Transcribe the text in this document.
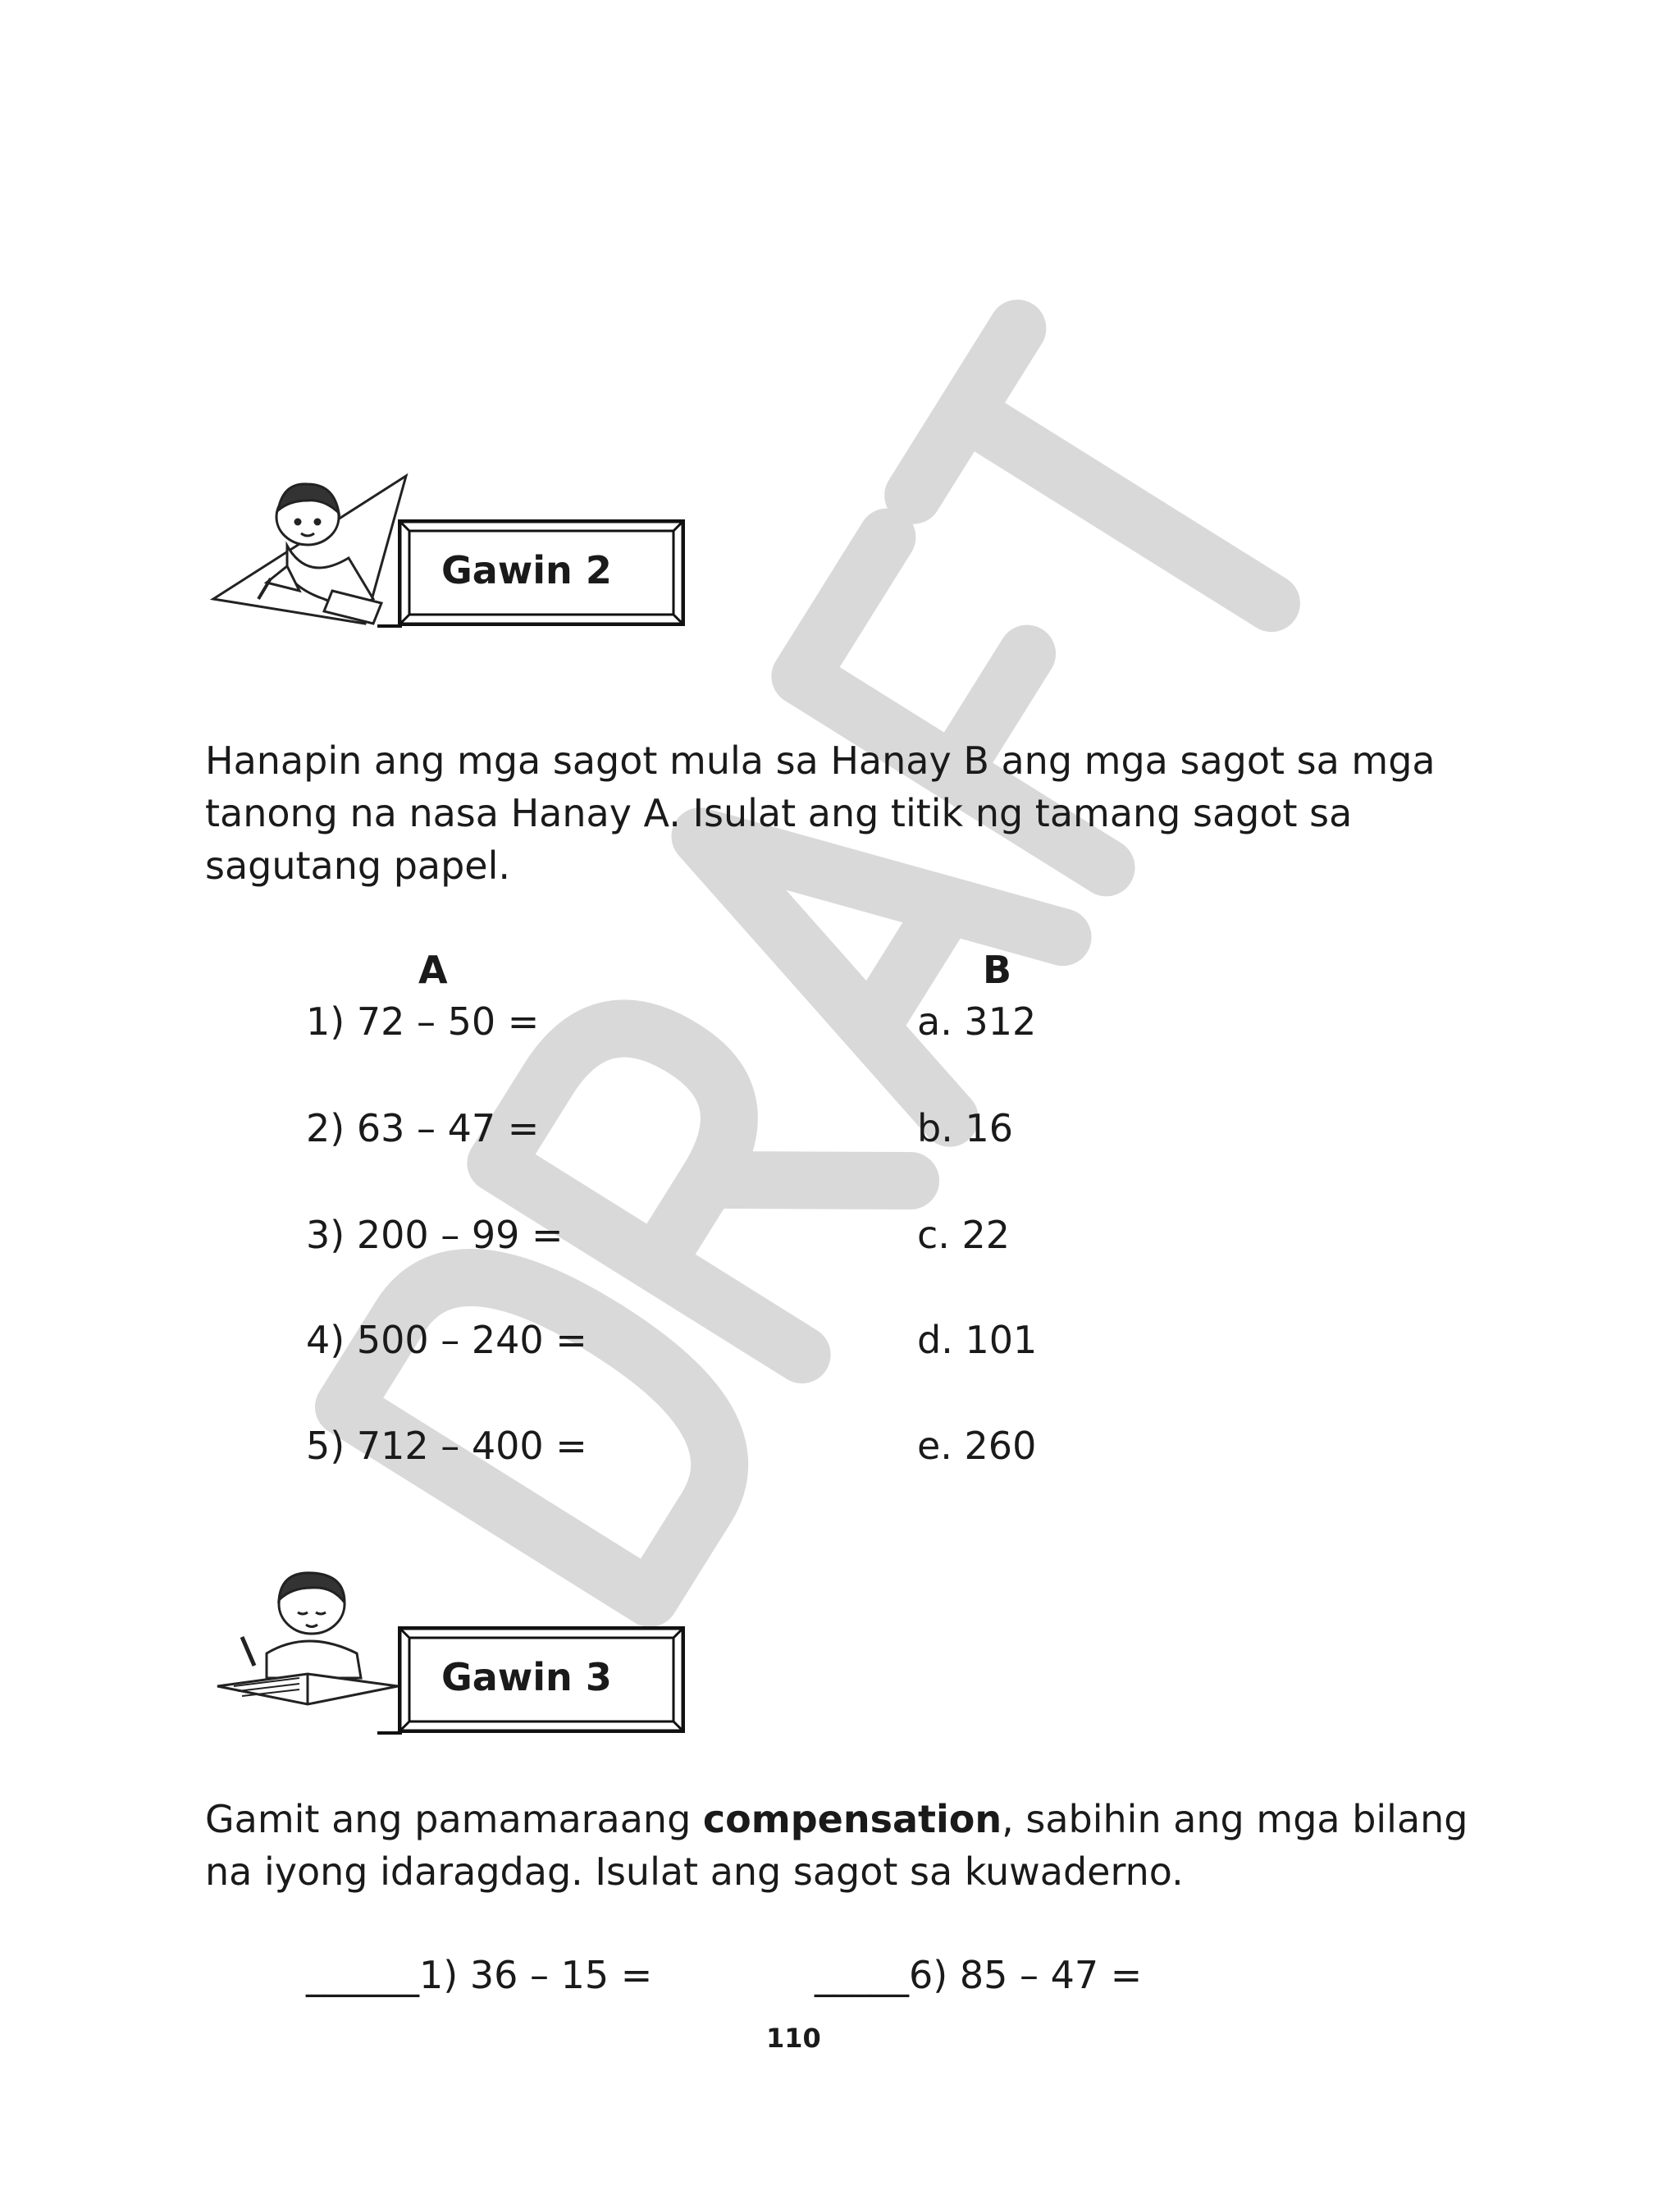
Gawin 2
Hanapin ang mga sagot mula sa Hanay B ang mga sagot sa mga
tanong na nasa Hanay A. Isulat ang titik ng tamang sagot sa
sagutang papel.
A	B
1) 72 – 50 =
2) 63 – 47 =
3) 200 – 99 =
4) 500 – 240 =
5) 712 – 400 =
a. 312
b. 16
c. 22
d. 101
e. 260
Gawin 3
Gamit ang pamamaraang compensation, sabihin ang mga bilang
na iyong idaragdag. Isulat ang sagot sa kuwaderno.
______1) 36 – 15 =	_____6) 85 – 47 =
110
